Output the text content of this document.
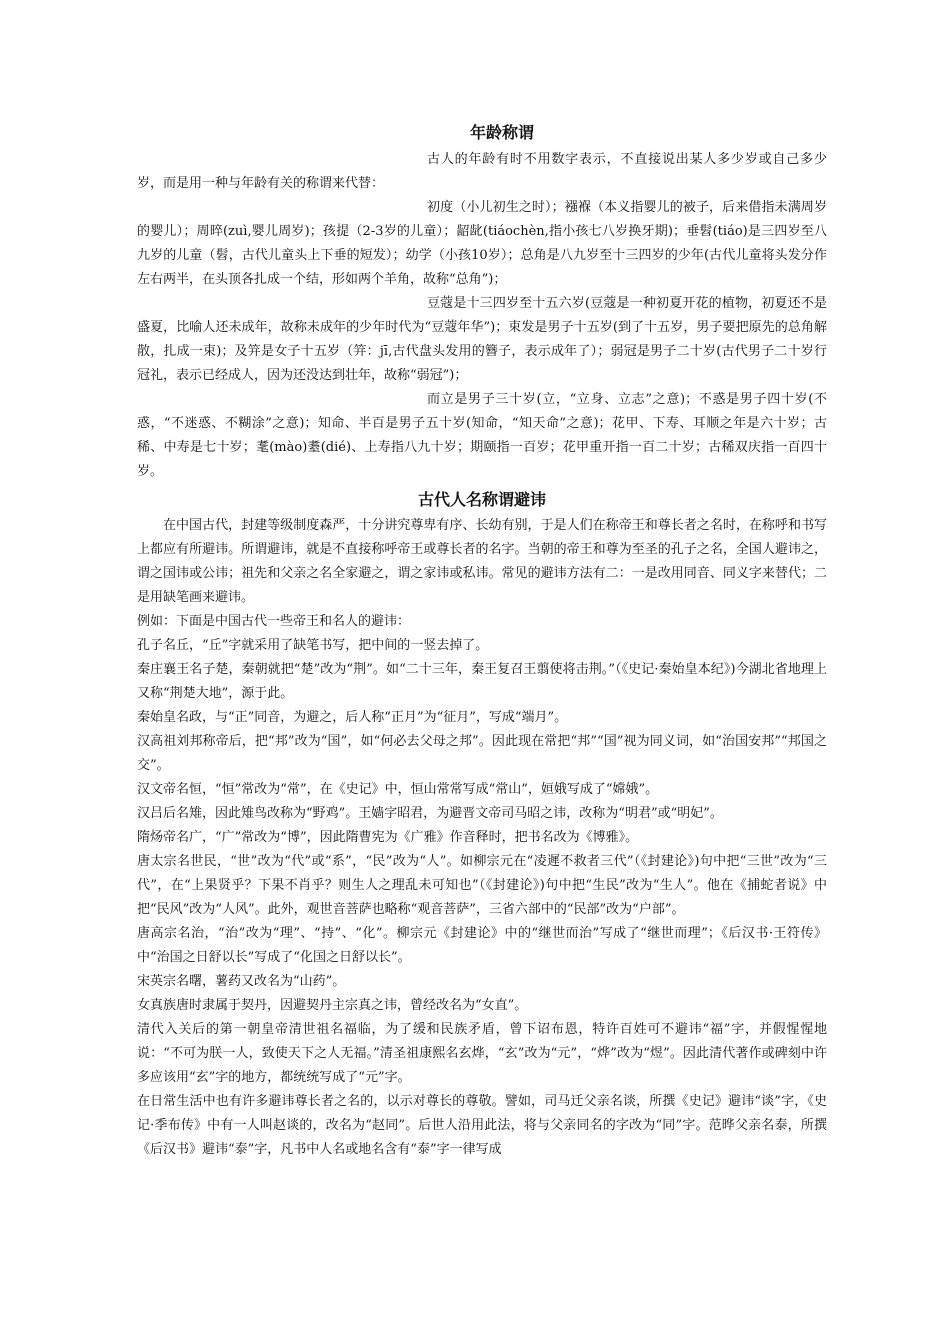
年龄称谓

古人的年龄有时不用数字表示，不直接说出某人多少岁或自己多少岁，而是用一种与年龄有关的称谓来代替：

初度（小儿初生之时）；襁褓（本义指婴儿的被子，后来借指未满周岁的婴儿）；周晬(zuì,婴儿周岁)；孩提（2-3岁的儿童）；龆龀(tiáochèn,指小孩七八岁换牙期)；垂髫(tiáo)是三四岁至八九岁的儿童（髫，古代儿童头上下垂的短发）；幼学（小孩10岁）；总角是八九岁至十三四岁的少年(古代儿童将头发分作左右两半，在头顶各扎成一个结，形如两个羊角，故称“总角”)；

豆蔻是十三四岁至十五六岁(豆蔻是一种初夏开花的植物，初夏还不是盛夏，比喻人还未成年，故称未成年的少年时代为“豆蔻年华”)；束发是男子十五岁(到了十五岁，男子要把原先的总角解散，扎成一束)；及笄是女子十五岁（笄：jī,古代盘头发用的簪子，表示成年了）；弱冠是男子二十岁(古代男子二十岁行冠礼，表示已经成人，因为还没达到壮年，故称“弱冠”)；

而立是男子三十岁(立，“立身、立志”之意)；不惑是男子四十岁(不惑，“不迷惑、不糊涂”之意)；知命、半百是男子五十岁(知命，“知天命”之意)；花甲、下寿、耳顺之年是六十岁；古稀、中寿是七十岁；耄(mào)耋(dié)、上寿指八九十岁；期颐指一百岁；花甲重开指一百二十岁；古稀双庆指一百四十岁。

古代人名称谓避讳

在中国古代，封建等级制度森严，十分讲究尊卑有序、长幼有别，于是人们在称帝王和尊长者之名时，在称呼和书写上都应有所避讳。所谓避讳，就是不直接称呼帝王或尊长者的名字。当朝的帝王和尊为至圣的孔子之名，全国人避讳之，谓之国讳或公讳；祖先和父亲之名全家避之，谓之家讳或私讳。常见的避讳方法有二：一是改用同音、同义字来替代；二是用缺笔画来避讳。

例如：下面是中国古代一些帝王和名人的避讳：

孔子名丘，“丘”字就采用了缺笔书写，把中间的一竖去掉了。

秦庄襄王名子楚，秦朝就把“楚”改为“荆”。如“二十三年，秦王复召王翦使将击荆。”（《史记·秦始皇本纪》)今湖北省地理上又称“荆楚大地”，源于此。

秦始皇名政，与“正”同音，为避之，后人称“正月”为“征月”，写成“端月”。

汉高祖刘邦称帝后，把“邦”改为“国”，如“何必去父母之邦”。因此现在常把“邦”“国”视为同义词，如“治国安邦”“邦国之交”。

汉文帝名恒，“恒”常改为“常”，在《史记》中，恒山常常写成“常山”，姮娥写成了“嫦娥”。

汉吕后名雉，因此雉鸟改称为“野鸡”。王嫱字昭君，为避晋文帝司马昭之讳，改称为“明君”或“明妃”。

隋炀帝名广，“广”常改为“博”，因此隋曹宪为《广雅》作音释时，把书名改为《博雅》。

唐太宗名世民，“世”改为“代”或“系”，“民”改为“人”。如柳宗元在“凌遲不救者三代”（《封建论》)句中把“三世”改为“三代”，在“上果贤乎？下果不肖乎？则生人之理乱未可知也”（《封建论》)句中把“生民”改为“生人”。他在《捕蛇者说》中把“民风”改为“人风”。此外，观世音菩萨也略称“观音菩萨”，三省六部中的“民部”改为“户部”。

唐高宗名治，“治”改为“理”、“持”、“化”。柳宗元《封建论》中的“继世而治”写成了“继世而理”；《后汉书·王符传》中“治国之日舒以长”写成了“化国之日舒以长”。

宋英宗名曙，薯药又改名为“山药”。

女真族唐时隶属于契丹，因避契丹主宗真之讳，曾经改名为“女直”。

清代入关后的第一朝皇帝清世祖名福临，为了缓和民族矛盾，曾下诏布恩，特许百姓可不避讳“福”字，并假惺惺地说：“不可为朕一人，致使天下之人无福。”清圣祖康熙名玄烨，“玄”改为“元”，“烨”改为“煜”。因此清代著作或碑刻中许多应该用“玄”字的地方，都统统写成了“元”字。

在日常生活中也有许多避讳尊长者之名的，以示对尊长的尊敬。譬如，司马迁父亲名谈，所撰《史记》避讳“谈”字，《史记·季布传》中有一人叫赵谈的，改名为“赵同”。后世人沿用此法，将与父亲同名的字改为“同”字。范晔父亲名泰，所撰《后汉书》避讳“泰”字，凡书中人名或地名含有“泰”字一律写成
